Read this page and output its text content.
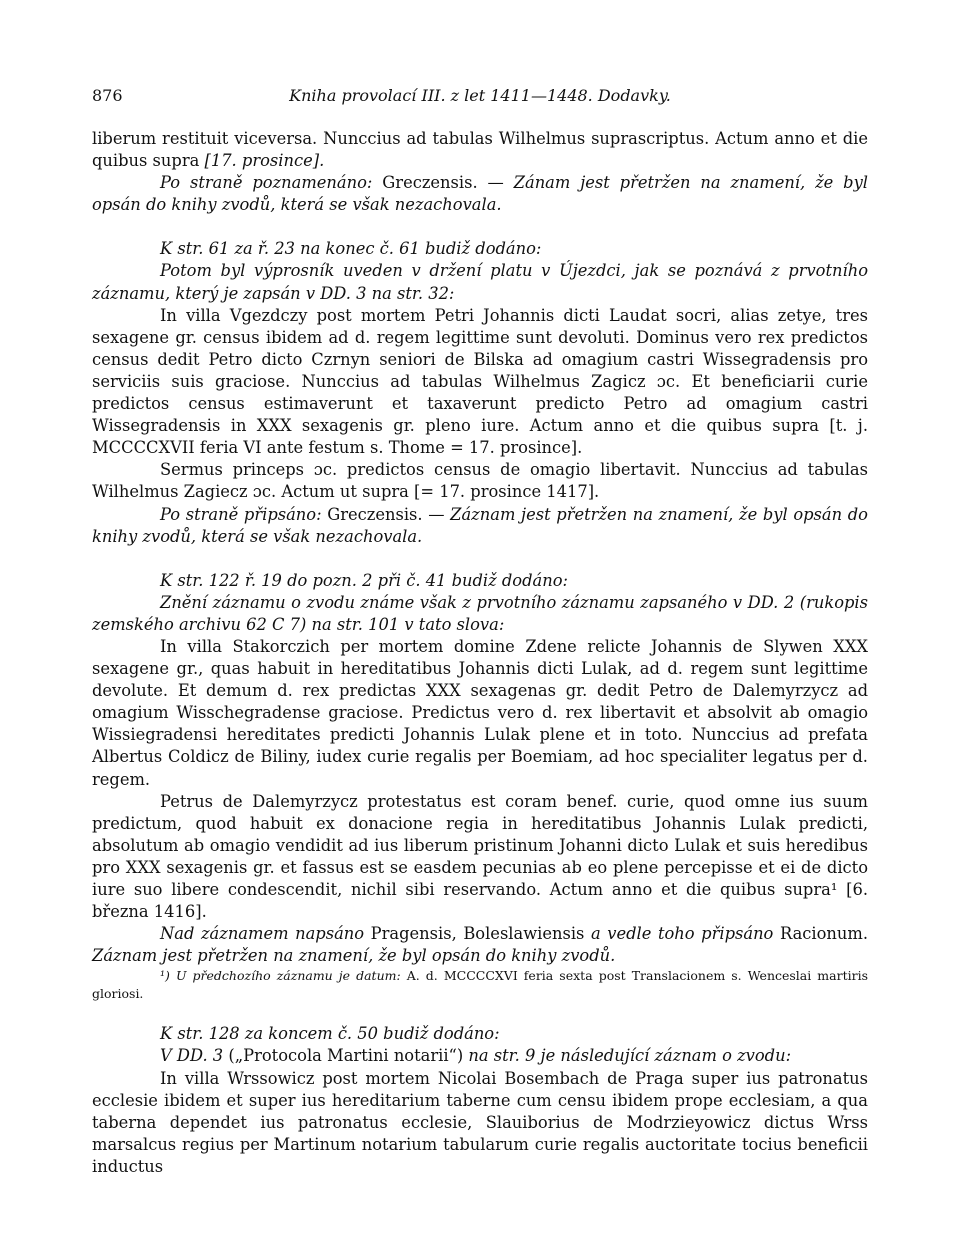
876	Kniha provolací III. z let 1411—1448. Dodavky.

liberum restituit viceversa. Nunccius ad tabulas Wilhelmus suprascriptus. Actum anno et die quibus supra [17. prosince].

Po straně poznamenáno: Greczensis. — Zánam jest přetržen na znamení, že byl opsán do knihy zvodů, která se však nezachovala.

K str. 61 za ř. 23 na konec č. 61 budiž dodáno:

Potom byl výprosník uveden v držení platu v Újezdci, jak se poznává z prvotního záznamu, který je zapsán v DD. 3 na str. 32:

In villa Vgezdczy post mortem Petri Johannis dicti Laudat socri, alias zetye, tres sexagene gr. census ibidem ad d. regem legittime sunt devoluti. Dominus vero rex predictos census dedit Petro dicto Czrnyn seniori de Bilska ad omagium castri Wissegradensis pro serviciis suis graciose. Nunccius ad tabulas Wilhelmus Zagicz ɔc. Et beneficiarii curie predictos census estimaverunt et taxaverunt predicto Petro ad omagium castri Wissegradensis in XXX sexagenis gr. pleno iure. Actum anno et die quibus supra [t. j. MCCCCXVII feria VI ante festum s. Thome = 17. prosince].

Sermus princeps ɔc. predictos census de omagio libertavit. Nunccius ad tabulas Wilhelmus Zagiecz ɔc. Actum ut supra [= 17. prosince 1417].

Po straně připsáno: Greczensis. — Záznam jest přetržen na znamení, že byl opsán do knihy zvodů, která se však nezachovala.

K str. 122 ř. 19 do pozn. 2 při č. 41 budiž dodáno:

Znění záznamu o zvodu známe však z prvotního záznamu zapsaného v DD. 2 (rukopis zemského archivu 62 C 7) na str. 101 v tato slova:

In villa Stakorczich per mortem domine Zdene relicte Johannis de Slywen XXX sexagene gr., quas habuit in hereditatibus Johannis dicti Lulak, ad d. regem sunt legittime devolute. Et demum d. rex predictas XXX sexagenas gr. dedit Petro de Dalemyrzycz ad omagium Wisschegradense graciose. Predictus vero d. rex libertavit et absolvit ab omagio Wissiegradensi hereditates predicti Johannis Lulak plene et in toto. Nunccius ad prefata Albertus Coldicz de Biliny, iudex curie regalis per Boemiam, ad hoc specialiter legatus per d. regem.

Petrus de Dalemyrzycz protestatus est coram benef. curie, quod omne ius suum predictum, quod habuit ex donacione regia in hereditatibus Johannis Lulak predicti, absolutum ab omagio vendidit ad ius liberum pristinum Johanni dicto Lulak et suis heredibus pro XXX sexagenis gr. et fassus est se easdem pecunias ab eo plene percepisse et ei de dicto iure suo libere condescendit, nichil sibi reservando. Actum anno et die quibus supra¹ [6. března 1416].

Nad záznamem napsáno Pragensis, Boleslawiensis a vedle toho připsáno Racionum. Záznam jest přetržen na znamení, že byl opsán do knihy zvodů.

¹) U předchozího záznamu je datum: A. d. MCCCCXVI feria sexta post Translacionem s. Wenceslai martiris gloriosi.

K str. 128 za koncem č. 50 budiž dodáno:

V DD. 3 („Protocola Martini notarii“) na str. 9 je následující záznam o zvodu:

In villa Wrssowicz post mortem Nicolai Bosembach de Praga super ius patronatus ecclesie ibidem et super ius hereditarium taberne cum censu ibidem prope ecclesiam, a qua taberna dependet ius patronatus ecclesie, Slauiborius de Modrzieyowicz dictus Wrss marsalcus regius per Martinum notarium tabularum curie regalis auctoritate tocius beneficii inductus
